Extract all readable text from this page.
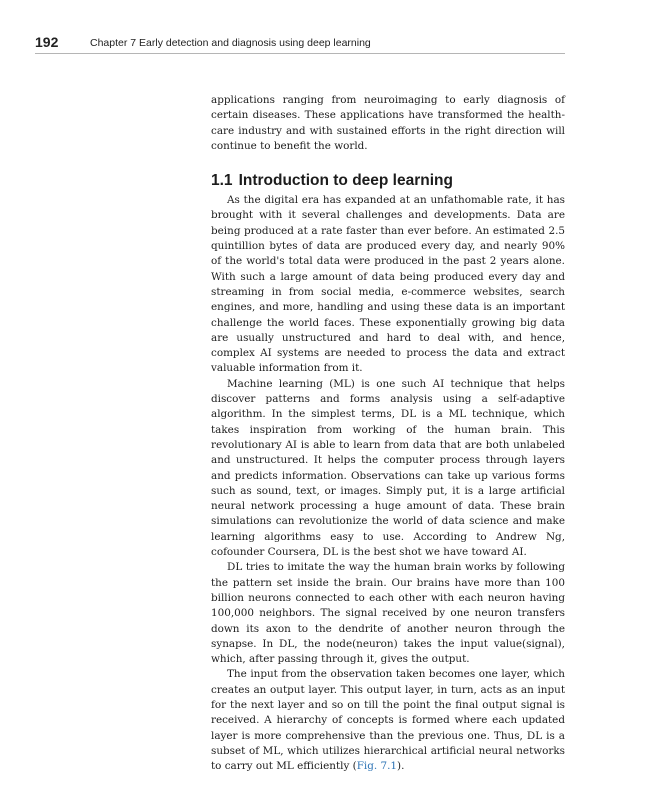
192	Chapter 7 Early detection and diagnosis using deep learning

applications ranging from neuroimaging to early diagnosis of certain diseases. These applications have transformed the health-care industry and with sustained efforts in the right direction will continue to benefit the world.

1.1 Introduction to deep learning

As the digital era has expanded at an unfathomable rate, it has brought with it several challenges and developments. Data are being produced at a rate faster than ever before. An estimated 2.5 quintillion bytes of data are produced every day, and nearly 90% of the world's total data were produced in the past 2 years alone. With such a large amount of data being produced every day and streaming in from social media, e-commerce websites, search engines, and more, handling and using these data is an important challenge the world faces. These exponentially growing big data are usually unstructured and hard to deal with, and hence, complex AI systems are needed to process the data and extract valuable information from it.

Machine learning (ML) is one such AI technique that helps discover patterns and forms analysis using a self-adaptive algorithm. In the simplest terms, DL is a ML technique, which takes inspiration from working of the human brain. This revolutionary AI is able to learn from data that are both unlabeled and unstructured. It helps the computer process through layers and predicts information. Observations can take up various forms such as sound, text, or images. Simply put, it is a large artificial neural network processing a huge amount of data. These brain simulations can revolutionize the world of data science and make learning algorithms easy to use. According to Andrew Ng, cofounder Coursera, DL is the best shot we have toward AI.

DL tries to imitate the way the human brain works by following the pattern set inside the brain. Our brains have more than 100 billion neurons connected to each other with each neuron having 100,000 neighbors. The signal received by one neuron transfers down its axon to the dendrite of another neuron through the synapse. In DL, the node(neuron) takes the input value(signal), which, after passing through it, gives the output.

The input from the observation taken becomes one layer, which creates an output layer. This output layer, in turn, acts as an input for the next layer and so on till the point the final output signal is received. A hierarchy of concepts is formed where each updated layer is more comprehensive than the previous one. Thus, DL is a subset of ML, which utilizes hierarchical artificial neural networks to carry out ML efficiently (Fig. 7.1).
